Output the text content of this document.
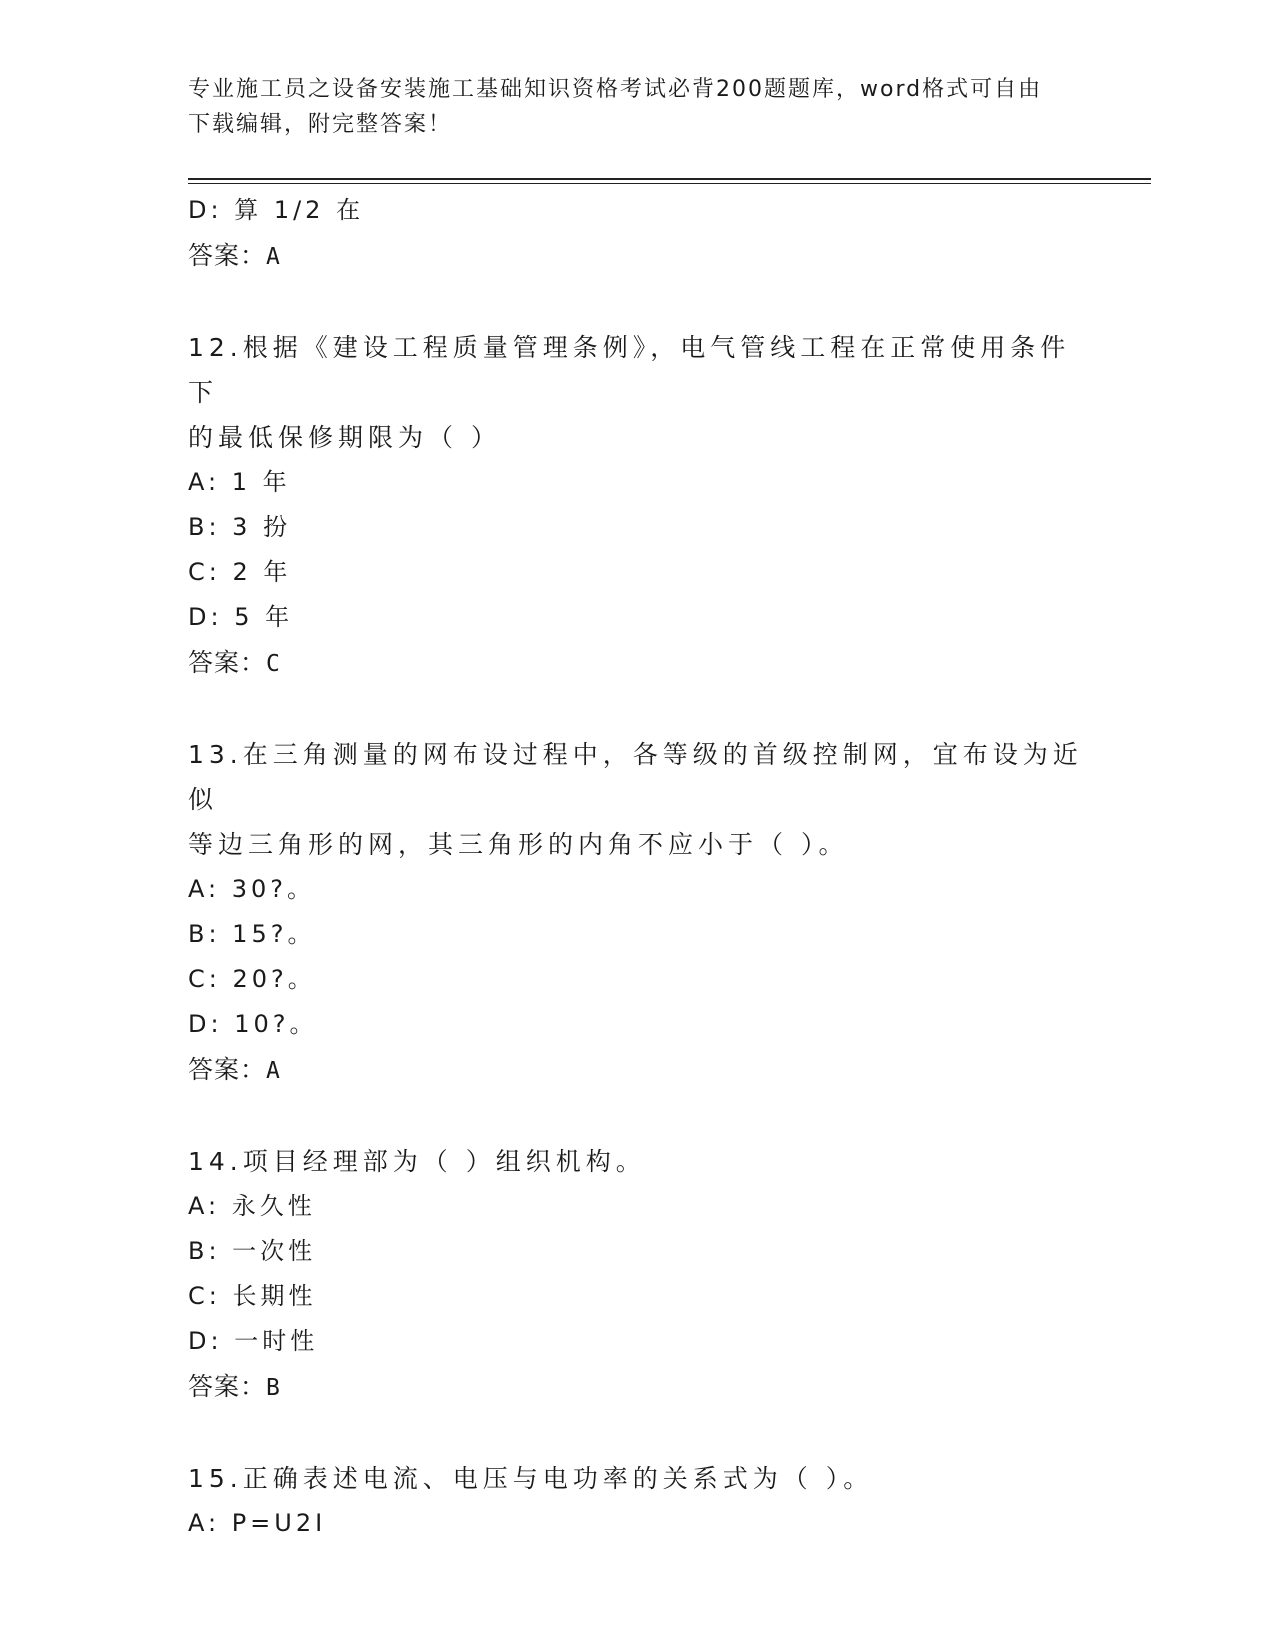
专业施工员之设备安装施工基础知识资格考试必背200题题库，word格式可自由
下载编辑，附完整答案！
D: 算 1/2 在
答案：A
12.根据《建设工程质量管理条例》，电气管线工程在正常使用条件下
的最低保修期限为（ ）
A: 1 年
B: 3 扮
C: 2 年
D: 5 年
答案：C
13.在三角测量的网布设过程中，各等级的首级控制网，宜布设为近似
等边三角形的网，其三角形的内角不应小于（ ）。
A: 30?。
B: 15?。
C: 20?。
D: 10?。
答案：A
14.项目经理部为（ ）组织机构。
A: 永久性
B: 一次性
C: 长期性
D: 一时性
答案：B
15.正确表述电流、电压与电功率的关系式为（ ）。
A: P=U2I
